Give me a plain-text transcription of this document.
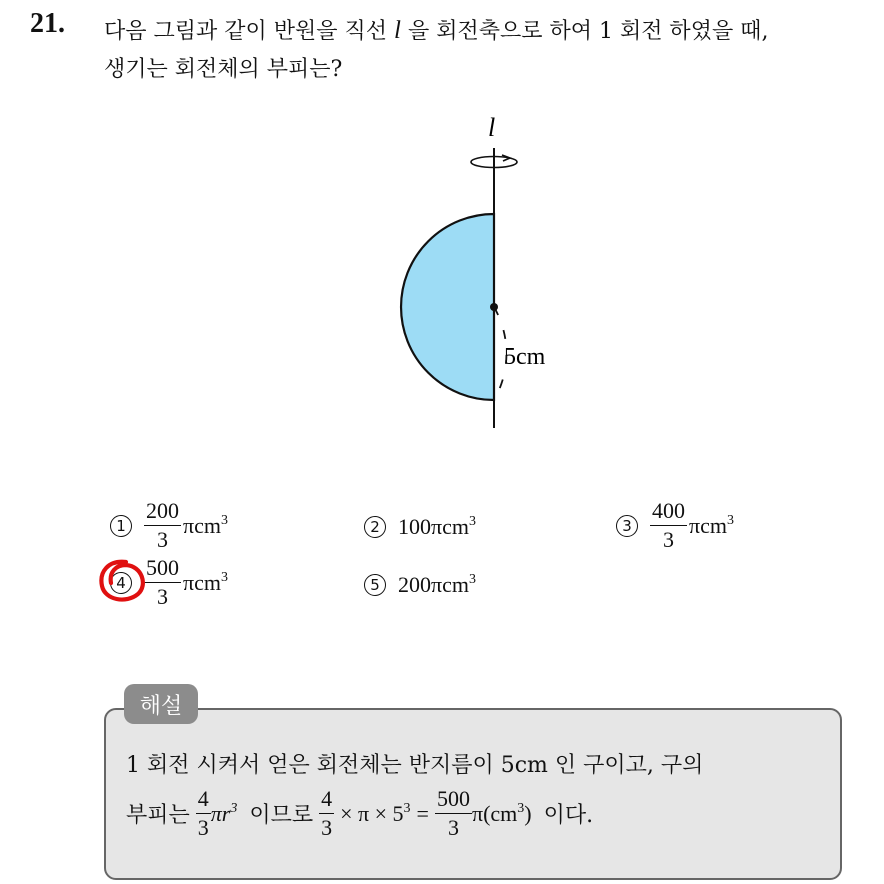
21. 다음 그림과 같이 반원을 직선 l 을 회전축으로 하여 1 회전 하였을 때,
생기는 회전체의 부피는?
l
5cm
$1 \frac{200}{3} \pi cm^3$	2 100πcm$^3$	$3 \frac{400}{3} \pi cm^3$
$4 \frac{500}{3} \pi cm^3$	5 200πcm$^3$
해설
1 회전 시켜서 얻은 회전체는 반지름이 5cm 인 구이고, 구의
부피는 $\frac{4}{3} \pi r^3$ 이므로 $\frac{4}{3} \times \pi \times 5^3 = \frac{500}{3} \pi(cm^3)$ 이다.
